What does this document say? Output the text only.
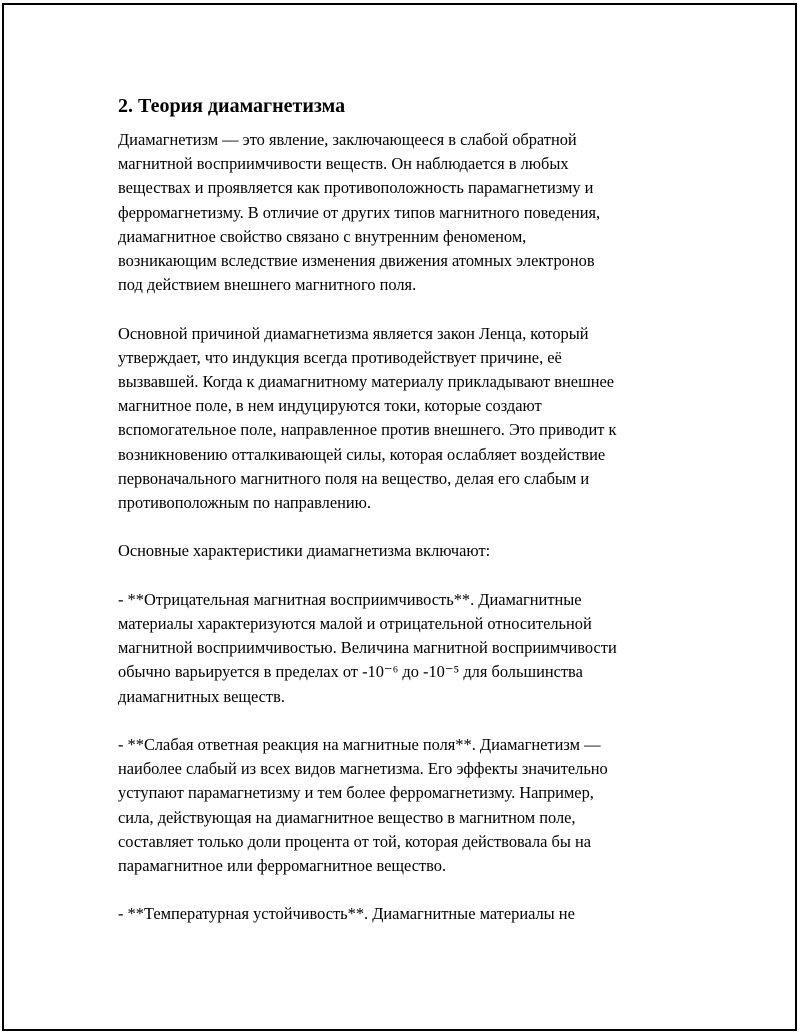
2. Теория диамагнетизма
Диамагнетизм — это явление, заключающееся в слабой обратной
магнитной восприимчивости веществ. Он наблюдается в любых
веществах и проявляется как противоположность парамагнетизму и
ферромагнетизму. В отличие от других типов магнитного поведения,
диамагнитное свойство связано с внутренним феноменом,
возникающим вследствие изменения движения атомных электронов
под действием внешнего магнитного поля.
Основной причиной диамагнетизма является закон Ленца, который
утверждает, что индукция всегда противодействует причине, её
вызвавшей. Когда к диамагнитному материалу прикладывают внешнее
магнитное поле, в нем индуцируются токи, которые создают
вспомогательное поле, направленное против внешнего. Это приводит к
возникновению отталкивающей силы, которая ослабляет воздействие
первоначального магнитного поля на вещество, делая его слабым и
противоположным по направлению.
Основные характеристики диамагнетизма включают:
- **Отрицательная магнитная восприимчивость**. Диамагнитные
материалы характеризуются малой и отрицательной относительной
магнитной восприимчивостью. Величина магнитной восприимчивости
обычно варьируется в пределах от -10⁻⁶ до -10⁻⁵ для большинства
диамагнитных веществ.
- **Слабая ответная реакция на магнитные поля**. Диамагнетизм —
наиболее слабый из всех видов магнетизма. Его эффекты значительно
уступают парамагнетизму и тем более ферромагнетизму. Например,
сила, действующая на диамагнитное вещество в магнитном поле,
составляет только доли процента от той, которая действовала бы на
парамагнитное или ферромагнитное вещество.
- **Температурная устойчивость**. Диамагнитные материалы не
